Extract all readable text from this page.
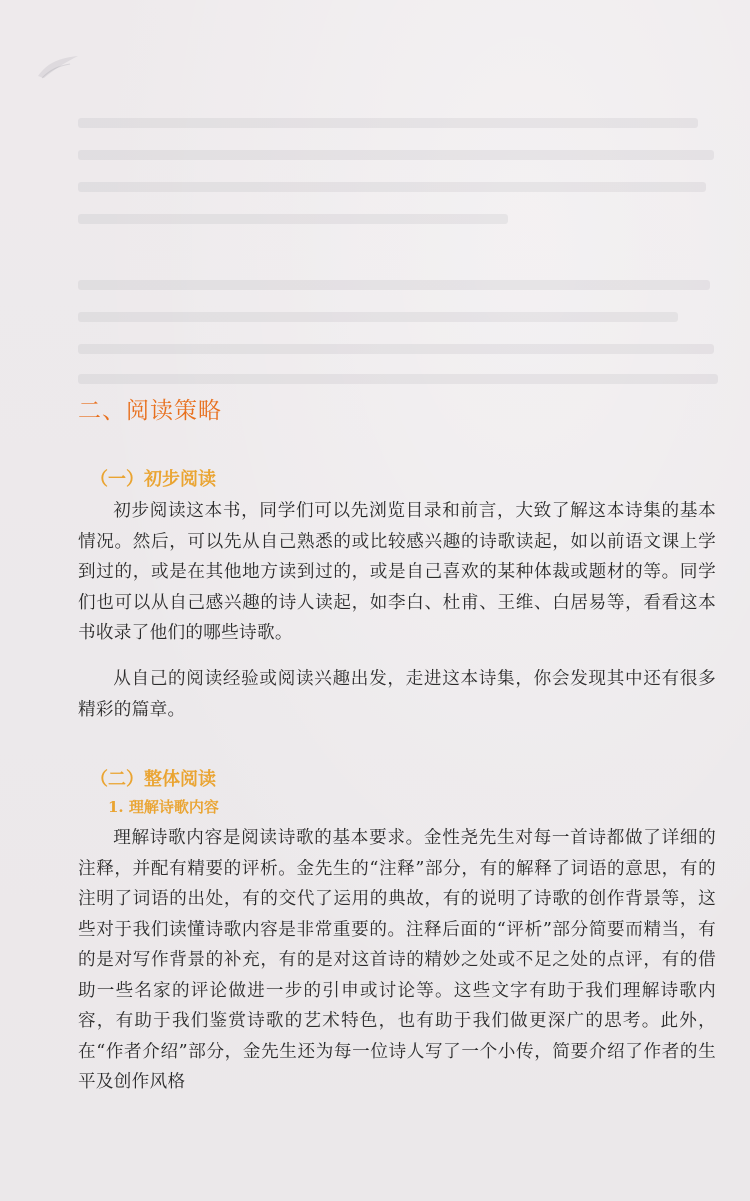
二、阅读策略
（一）初步阅读

初步阅读这本书，同学们可以先浏览目录和前言，大致了解这本诗集的基本情况。然后，可以先从自己熟悉的或比较感兴趣的诗歌读起，如以前语文课上学到过的，或是在其他地方读到过的，或是自己喜欢的某种体裁或题材的等。同学们也可以从自己感兴趣的诗人读起，如李白、杜甫、王维、白居易等，看看这本书收录了他们的哪些诗歌。

从自己的阅读经验或阅读兴趣出发，走进这本诗集，你会发现其中还有很多精彩的篇章。

（二）整体阅读
1. 理解诗歌内容

理解诗歌内容是阅读诗歌的基本要求。金性尧先生对每一首诗都做了详细的注释，并配有精要的评析。金先生的“注释”部分，有的解释了词语的意思，有的注明了词语的出处，有的交代了运用的典故，有的说明了诗歌的创作背景等，这些对于我们读懂诗歌内容是非常重要的。注释后面的“评析”部分简要而精当，有的是对写作背景的补充，有的是对这首诗的精妙之处或不足之处的点评，有的借助一些名家的评论做进一步的引申或讨论等。这些文字有助于我们理解诗歌内容，有助于我们鉴赏诗歌的艺术特色，也有助于我们做更深广的思考。此外，在“作者介绍”部分，金先生还为每一位诗人写了一个小传，简要介绍了作者的生平及创作风格
